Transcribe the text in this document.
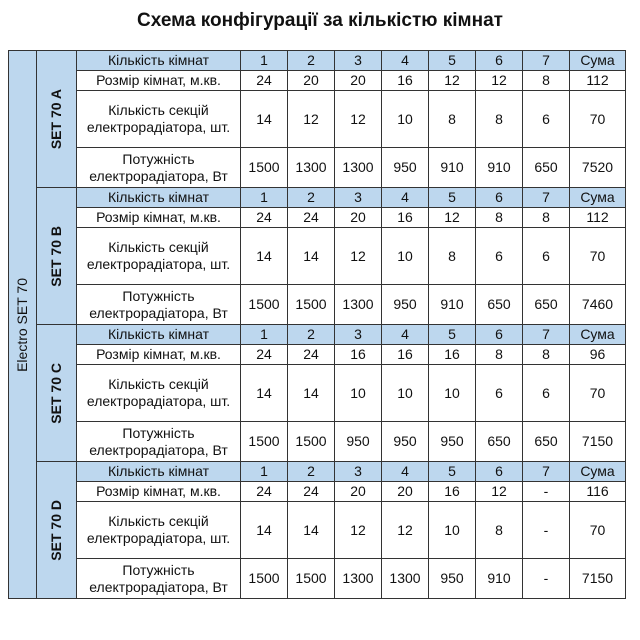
Схема конфігурації за кількістю кімнат
Electro SET 70	SET 70 A	Кількість кімнат	1	2	3	4	5	6	7	Сума
		Розмір кімнат, м.кв.	24	20	20	16	12	12	8	112
		Кількість секцій електрорадіатора, шт.	14	12	12	10	8	8	6	70
		Потужність електрорадіатора, Вт	1500	1300	1300	950	910	910	650	7520

	SET 70 B	Кількість кімнат	1	2	3	4	5	6	7	Сума
		Розмір кімнат, м.кв.	24	24	20	16	12	8	8	112
		Кількість секцій електрорадіатора, шт.	14	14	12	10	8	6	6	70
		Потужність електрорадіатора, Вт	1500	1500	1300	950	910	650	650	7460

	SET 70 C	Кількість кімнат	1	2	3	4	5	6	7	Сума
		Розмір кімнат, м.кв.	24	24	16	16	16	8	8	96
		Кількість секцій електрорадіатора, шт.	14	14	10	10	10	6	6	70
		Потужність електрорадіатора, Вт	1500	1500	950	950	950	650	650	7150

	SET 70 D	Кількість кімнат	1	2	3	4	5	6	7	Сума
		Розмір кімнат, м.кв.	24	24	20	20	16	12	-	116
		Кількість секцій електрорадіатора, шт.	14	14	12	12	10	8	-	70
		Потужність електрорадіатора, Вт	1500	1500	1300	1300	950	910	-	7150
